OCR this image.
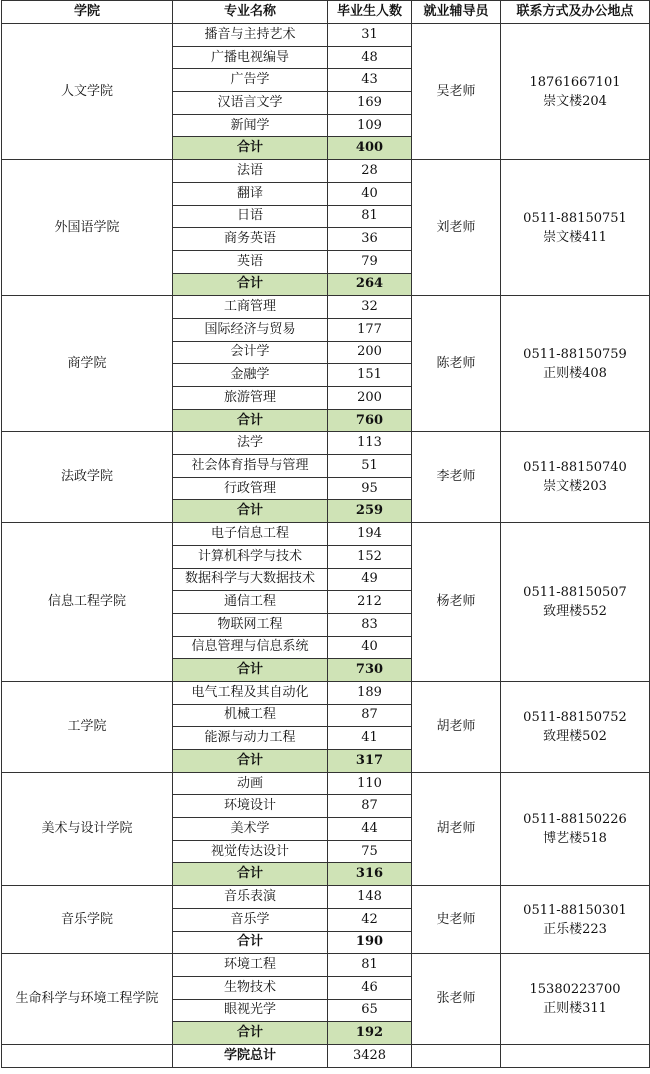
学院	专业名称	毕业生人数	就业辅导员	联系方式及办公地点
人文学院	播音与主持艺术	31	吴老师	18761667101
崇文楼204

	广播电视编导	48		
	广告学	43		
	汉语言文学	169		
	新闻学	109		
	合计	400		
外国语学院	法语	28	刘老师	0511-88150751
崇文楼411

	翻译	40		
	日语	81		
	商务英语	36		
	英语	79		
	合计	264		
商学院	工商管理	32	陈老师	0511-88150759
正则楼408

	国际经济与贸易	177		
	会计学	200		
	金融学	151		
	旅游管理	200		
	合计	760		
法政学院	法学	113	李老师	0511-88150740
崇文楼203

	社会体育指导与管理	51		
	行政管理	95		
	合计	259		
信息工程学院	电子信息工程	194	杨老师	0511-88150507
致理楼552

	计算机科学与技术	152		
	数据科学与大数据技术	49		
	通信工程	212		
	物联网工程	83		
	信息管理与信息系统	40		
	合计	730		
工学院	电气工程及其自动化	189	胡老师	0511-88150752
致理楼502

	机械工程	87		
	能源与动力工程	41		
	合计	317		
美术与设计学院	动画	110	胡老师	0511-88150226
博艺楼518

	环境设计	87		
	美术学	44		
	视觉传达设计	75		
	合计	316		
音乐学院	音乐表演	148	史老师	0511-88150301
正乐楼223

	音乐学	42		
	合计	190		
生命科学与环境工程学院	环境工程	81	张老师	15380223700
正则楼311

	生物技术	46		
	眼视光学	65		
	合计	192		
	学院总计	3428		
